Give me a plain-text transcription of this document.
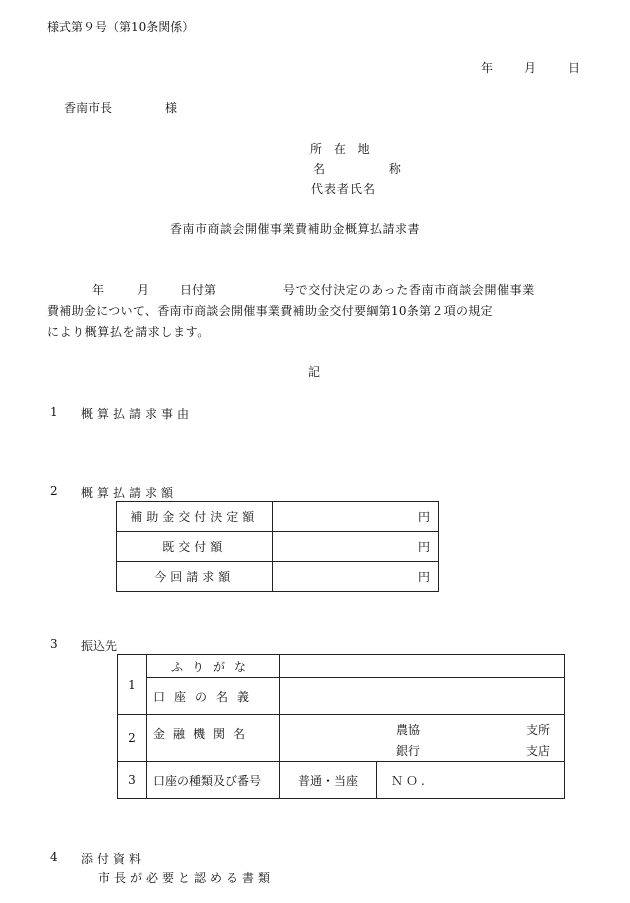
様式第９号（第10条関係）
年	月	日
香南市長	様
所 在 地
名 称
代表者氏名
香南市商談会開催事業費補助金概算払請求書
年	月	日付第	号で交付決定のあった香南市商談会開催事業
費補助金について、香南市商談会開催事業費補助金交付要綱第10条第２項の規定
により概算払を請求します。
記
1 概算払請求事由
2 概算払請求額
補助金交付決定額	円
既交付額	円
今回請求額	円
3 振込先
1	ふりがな		
	口座の名義		
2	金融機関名	農協 支所
銀行 支店	

3	口座の種類及び番号	普通・当座	ＮＯ.
4 添付資料
市長が必要と認める書類
